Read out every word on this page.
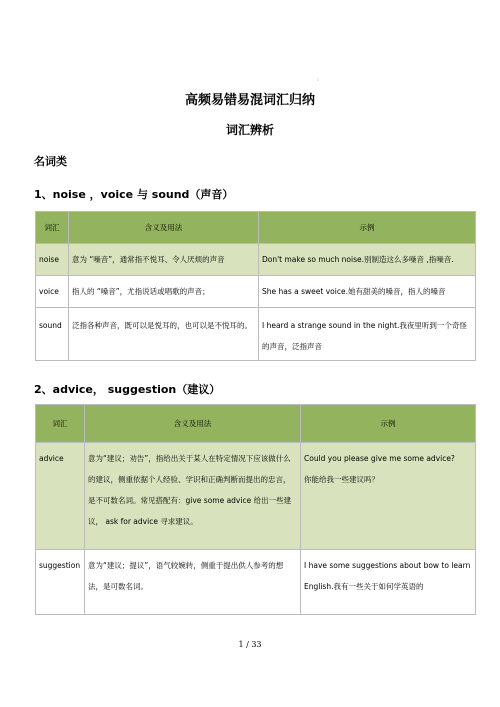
:
高频易错易混词汇归纳
词汇辨析
名词类
1、noise ，voice 与 sound（声音）
词汇	含义及用法	示例
noise	意为 “噪音”，通常指不悦耳、令人厌烦的声音	Don't make so much noise.别制造这么多噪音 ,指噪音.
voice	指人的 “嗓音”，尤指说话或唱歌的声音；	She has a sweet voice.她有甜美的嗓音，指人的嗓音
sound	泛指各种声音，既可以是悦耳的，也可以是不悦耳的。	I heard a strange sound in the night.我夜里听到一个奇怪的声音，泛指声音
2、advice， suggestion（建议）
词汇	含义及用法	示例
advice	意为“建议；劝告”，指给出关于某人在特定情况下应该做什么的建议，侧重依据个人经验、学识和正确判断而提出的忠言，是不可数名词。常见搭配有：give some advice 给出一些建议， ask for advice 寻求建议。	Could you please give me some advice?
你能给我一些建议吗？

suggestion	意为“建议；提议”，语气较婉转，侧重于提出供人参考的想法，是可数名词。	I have some suggestions about bow to learn English.我有一些关于如何学英语的
1 / 33
